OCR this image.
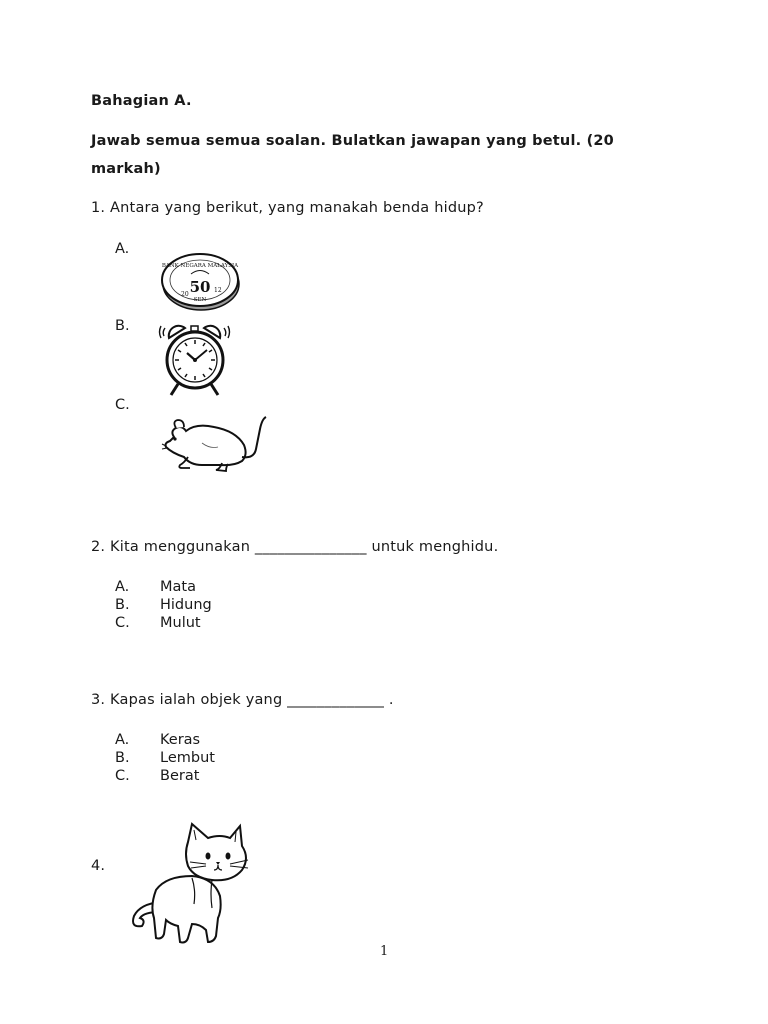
Bahagian A.
Jawab semua semua soalan. Bulatkan jawapan yang betul. (20
markah)
1. Antara yang berikut, yang manakah benda hidup?
A.
BANK NEGARA MALAYSIA
50
20
12
SEN
B.
C.
2. Kita menggunakan _______________ untuk menghidu.
A. Mata
B. Hidung
C. Mulut
3. Kapas ialah objek yang _____________ .
A. Keras
B. Lembut
C. Berat
4.
1
